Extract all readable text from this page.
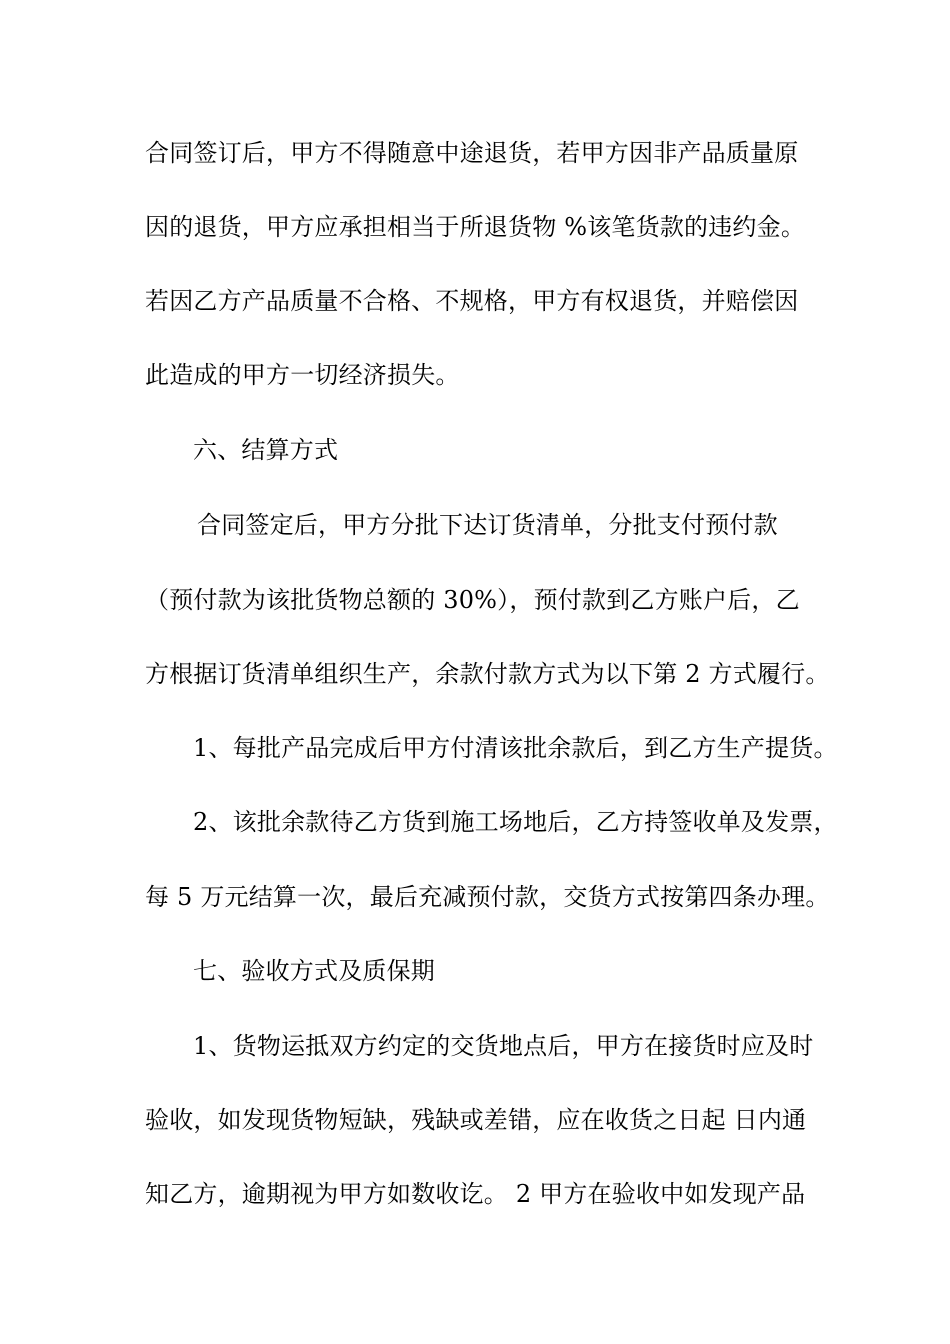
合同签订后，甲方不得随意中途退货，若甲方因非产品质量原
因的退货，甲方应承担相当于所退货物 %该笔货款的违约金。
若因乙方产品质量不合格、不规格，甲方有权退货，并赔偿因
此造成的甲方一切经济损失。
六、结算方式
合同签定后，甲方分批下达订货清单，分批支付预付款
（预付款为该批货物总额的 30%），预付款到乙方账户后，乙
方根据订货清单组织生产，余款付款方式为以下第 2 方式履行。
1、每批产品完成后甲方付清该批余款后，到乙方生产提货。
2、该批余款待乙方货到施工场地后，乙方持签收单及发票，
每 5 万元结算一次，最后充减预付款，交货方式按第四条办理。
七、验收方式及质保期
1、货物运抵双方约定的交货地点后，甲方在接货时应及时
验收，如发现货物短缺，残缺或差错，应在收货之日起 日内通
知乙方，逾期视为甲方如数收讫。 2 甲方在验收中如发现产品
